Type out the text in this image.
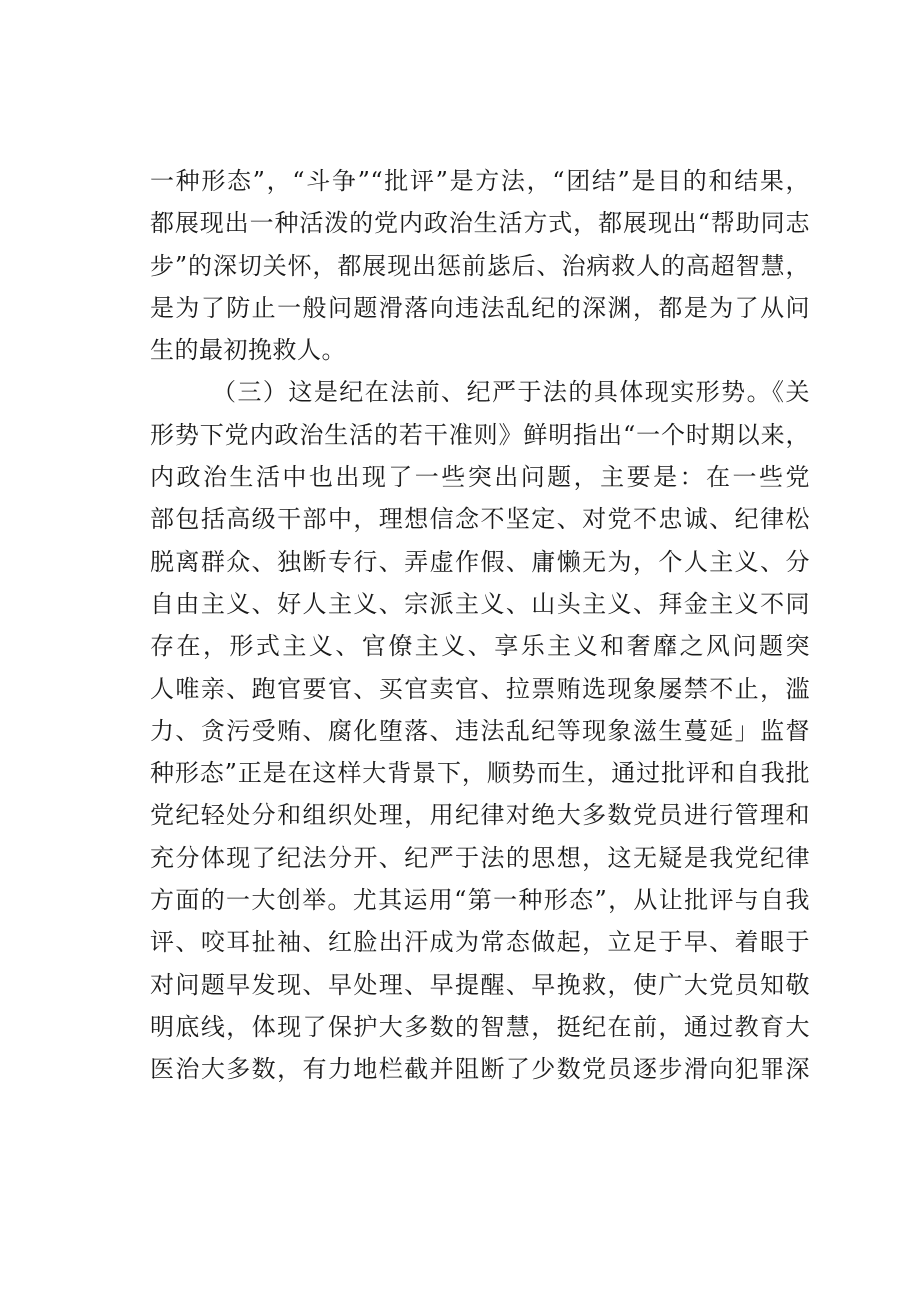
一种形态”，“斗争”“批评”是方法，“团结”是目的和结果，
都展现出一种活泼的党内政治生活方式，都展现出“帮助同志
步”的深切关怀，都展现出惩前毖后、治病救人的高超智慧，
是为了防止一般问题滑落向违法乱纪的深渊，都是为了从问
生的最初挽救人。
（三）这是纪在法前、纪严于法的具体现实形势。《关
形势下党内政治生活的若干准则》鲜明指出“一个时期以来，
内政治生活中也出现了一些突出问题，主要是：在一些党
部包括高级干部中，理想信念不坚定、对党不忠诚、纪律松
脱离群众、独断专行、弄虚作假、庸懒无为，个人主义、分
自由主义、好人主义、宗派主义、山头主义、拜金主义不同
存在，形式主义、官僚主义、享乐主义和奢靡之风问题突
人唯亲、跑官要官、买官卖官、拉票贿选现象屡禁不止，滥
力、贪污受贿、腐化堕落、违法乱纪等现象滋生蔓延」监督
种形态”正是在这样大背景下，顺势而生，通过批评和自我批
党纪轻处分和组织处理，用纪律对绝大多数党员进行管理和
充分体现了纪法分开、纪严于法的思想，这无疑是我党纪律
方面的一大创举。尤其运用“第一种形态”，从让批评与自我
评、咬耳扯袖、红脸出汗成为常态做起，立足于早、着眼于
对问题早发现、早处理、早提醒、早挽救，使广大党员知敬
明底线，体现了保护大多数的智慧，挺纪在前，通过教育大
医治大多数，有力地栏截并阻断了少数党员逐步滑向犯罪深
